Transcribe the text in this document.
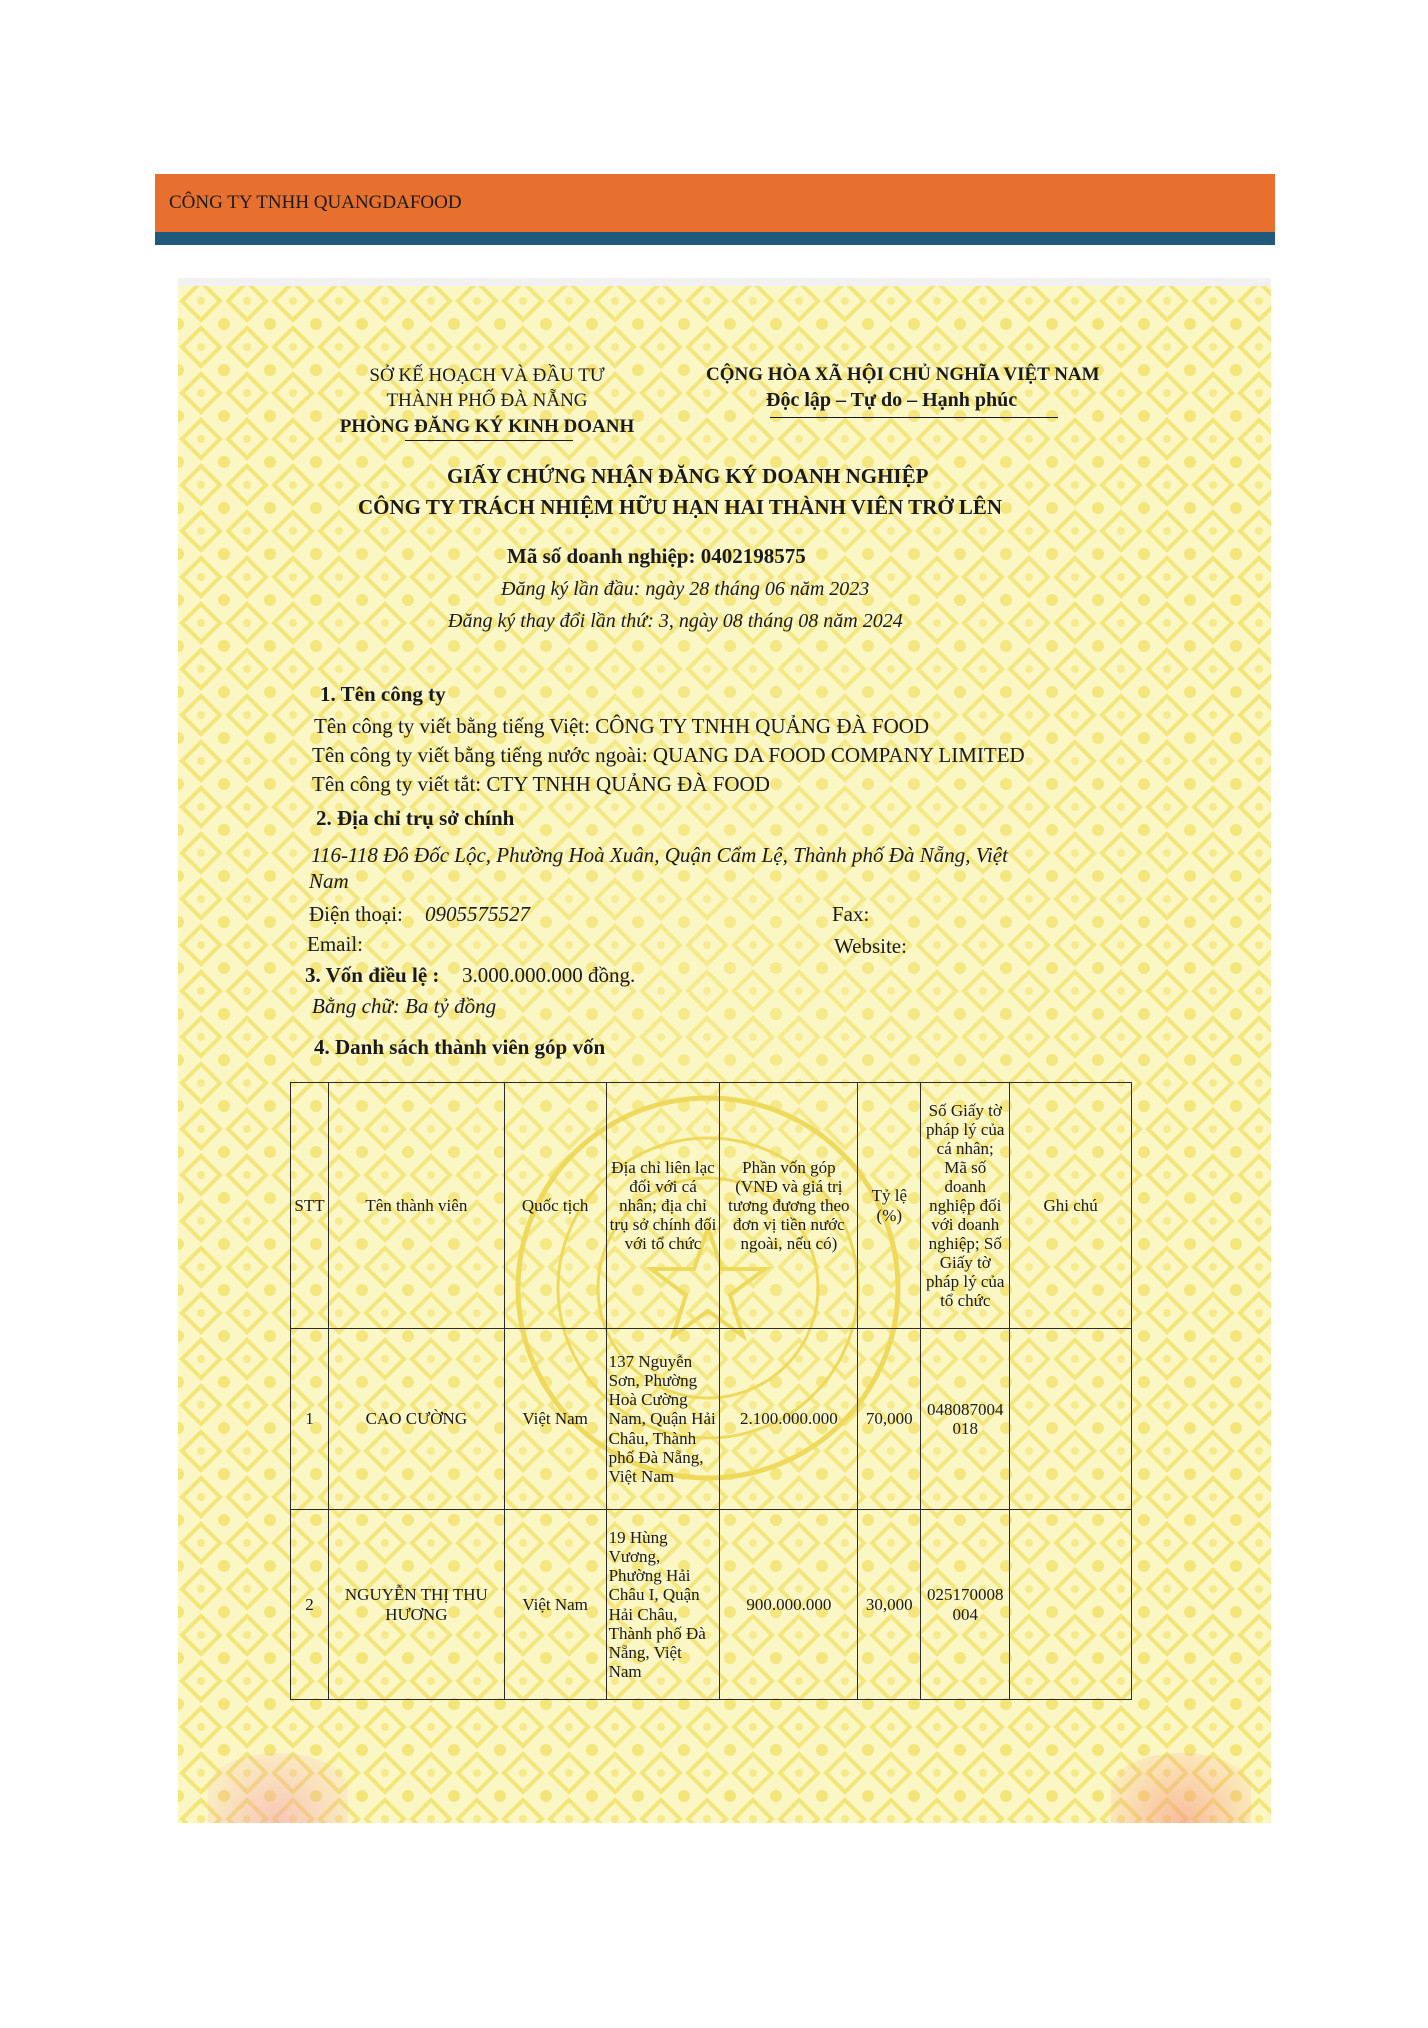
CÔNG TY TNHH QUANGDAFOOD
SỞ KẾ HOẠCH VÀ ĐẦU TƯ
THÀNH PHỐ ĐÀ NẴNG
PHÒNG ĐĂNG KÝ KINH DOANH
CỘNG HÒA XÃ HỘI CHỦ NGHĨA VIỆT NAM
Độc lập – Tự do – Hạnh phúc
GIẤY CHỨNG NHẬN ĐĂNG KÝ DOANH NGHIỆP
CÔNG TY TRÁCH NHIỆM HỮU HẠN HAI THÀNH VIÊN TRỞ LÊN
Mã số doanh nghiệp: 0402198575
Đăng ký lần đầu: ngày 28 tháng 06 năm 2023
Đăng ký thay đổi lần thứ: 3, ngày 08 tháng 08 năm 2024
1. Tên công ty
Tên công ty viết bằng tiếng Việt: CÔNG TY TNHH QUẢNG ĐÀ FOOD
Tên công ty viết bằng tiếng nước ngoài: QUANG DA FOOD COMPANY LIMITED
Tên công ty viết tắt: CTY TNHH QUẢNG ĐÀ FOOD
2. Địa chỉ trụ sở chính
116-118 Đô Đốc Lộc, Phường Hoà Xuân, Quận Cẩm Lệ, Thành phố Đà Nẵng, Việt
Nam
Điện thoại: 0905575527	Fax:
Email:	Website:
3. Vốn điều lệ : 3.000.000.000 đồng.
Bằng chữ: Ba tỷ đồng
4. Danh sách thành viên góp vốn
STT	Tên thành viên	Quốc tịch	Địa chỉ liên lạc đối với cá nhân; địa chỉ trụ sở chính đối với tổ chức	Phần vốn góp (VNĐ và giá trị tương đương theo đơn vị tiền nước ngoài, nếu có)	Tỷ lệ (%)	Số Giấy tờ pháp lý của cá nhân; Mã số doanh nghiệp đối với doanh nghiệp; Số Giấy tờ pháp lý của tổ chức	Ghi chú
1	CAO CƯỜNG	Việt Nam	137 Nguyễn Sơn, Phường Hoà Cường Nam, Quận Hải Châu, Thành phố Đà Nẵng, Việt Nam	2.100.000.000	70,000	048087004018	
2	NGUYỄN THỊ THU HƯƠNG	Việt Nam	19 Hùng Vương, Phường Hải Châu I, Quận Hải Châu, Thành phố Đà Nẵng, Việt Nam	900.000.000	30,000	025170008004	
